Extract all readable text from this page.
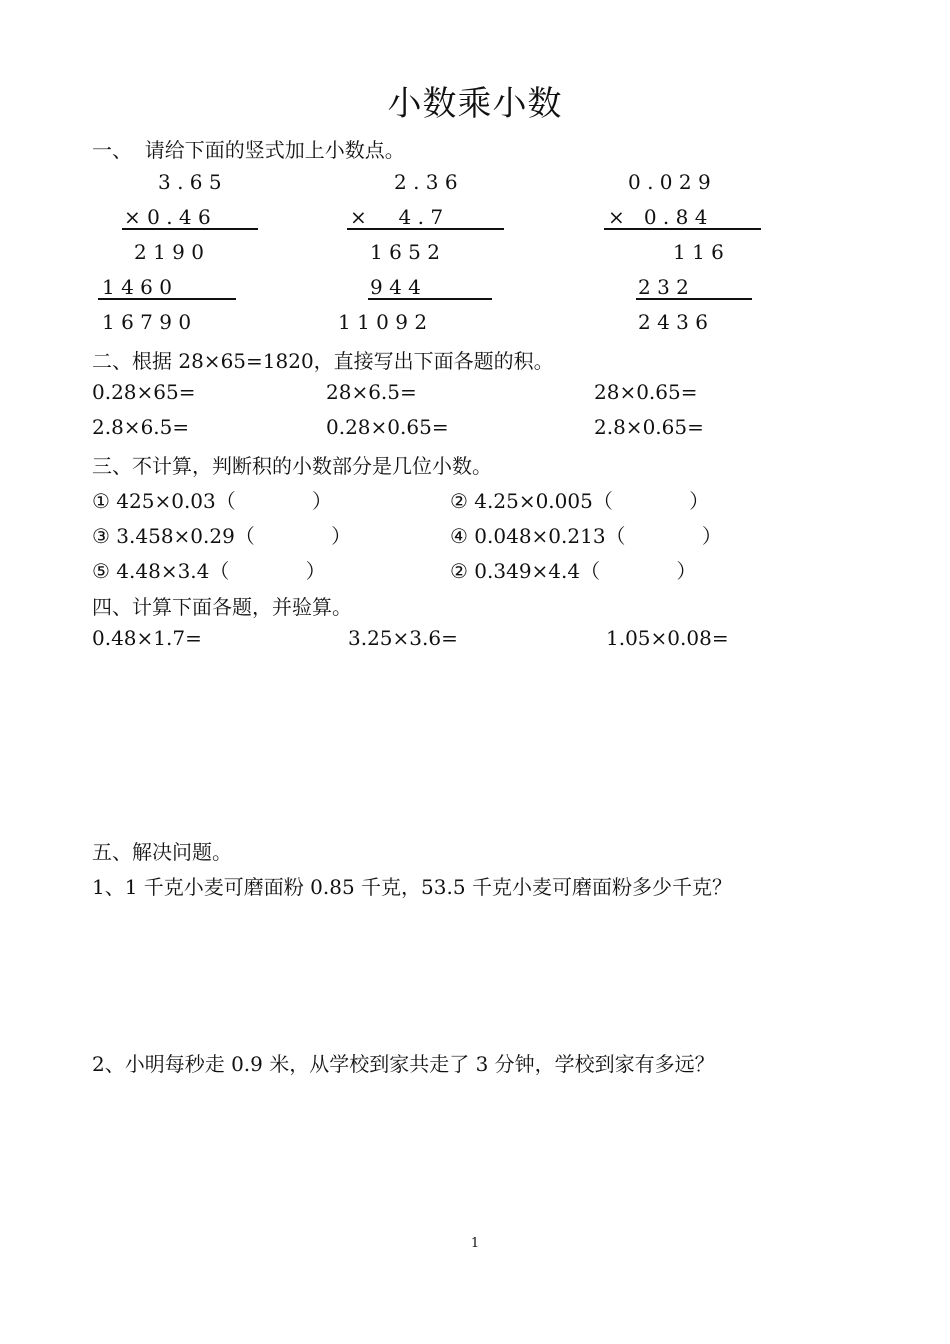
小数乘小数
一、  请给下面的竖式加上小数点。
3 . 6 5
× 0 . 4 6
2 1 9 0
1 4 6 0
1 6 7 9 0
2 . 3 6
×     4 . 7
1 6 5 2
9 4 4
1 1 0 9 2
0 . 0 2 9
×   0 . 8 4
1 1 6
2 3 2
2 4 3 6
二、根据 28×65=1820，直接写出下面各题的积。
0.28×65=	28×6.5=	28×0.65=
2.8×6.5=	0.28×0.65=	2.8×0.65=
三、不计算，判断积的小数部分是几位小数。
① 425×0.03（            ）	② 4.25×0.005（            ）
③ 3.458×0.29（            ）	④ 0.048×0.213（            ）
⑤ 4.48×3.4（            ）	② 0.349×4.4（            ）
四、计算下面各题，并验算。
0.48×1.7=	3.25×3.6=	1.05×0.08=
五、解决问题。
1、1 千克小麦可磨面粉 0.85 千克，53.5 千克小麦可磨面粉多少千克？
2、小明每秒走 0.9 米，从学校到家共走了 3 分钟，学校到家有多远？
1
